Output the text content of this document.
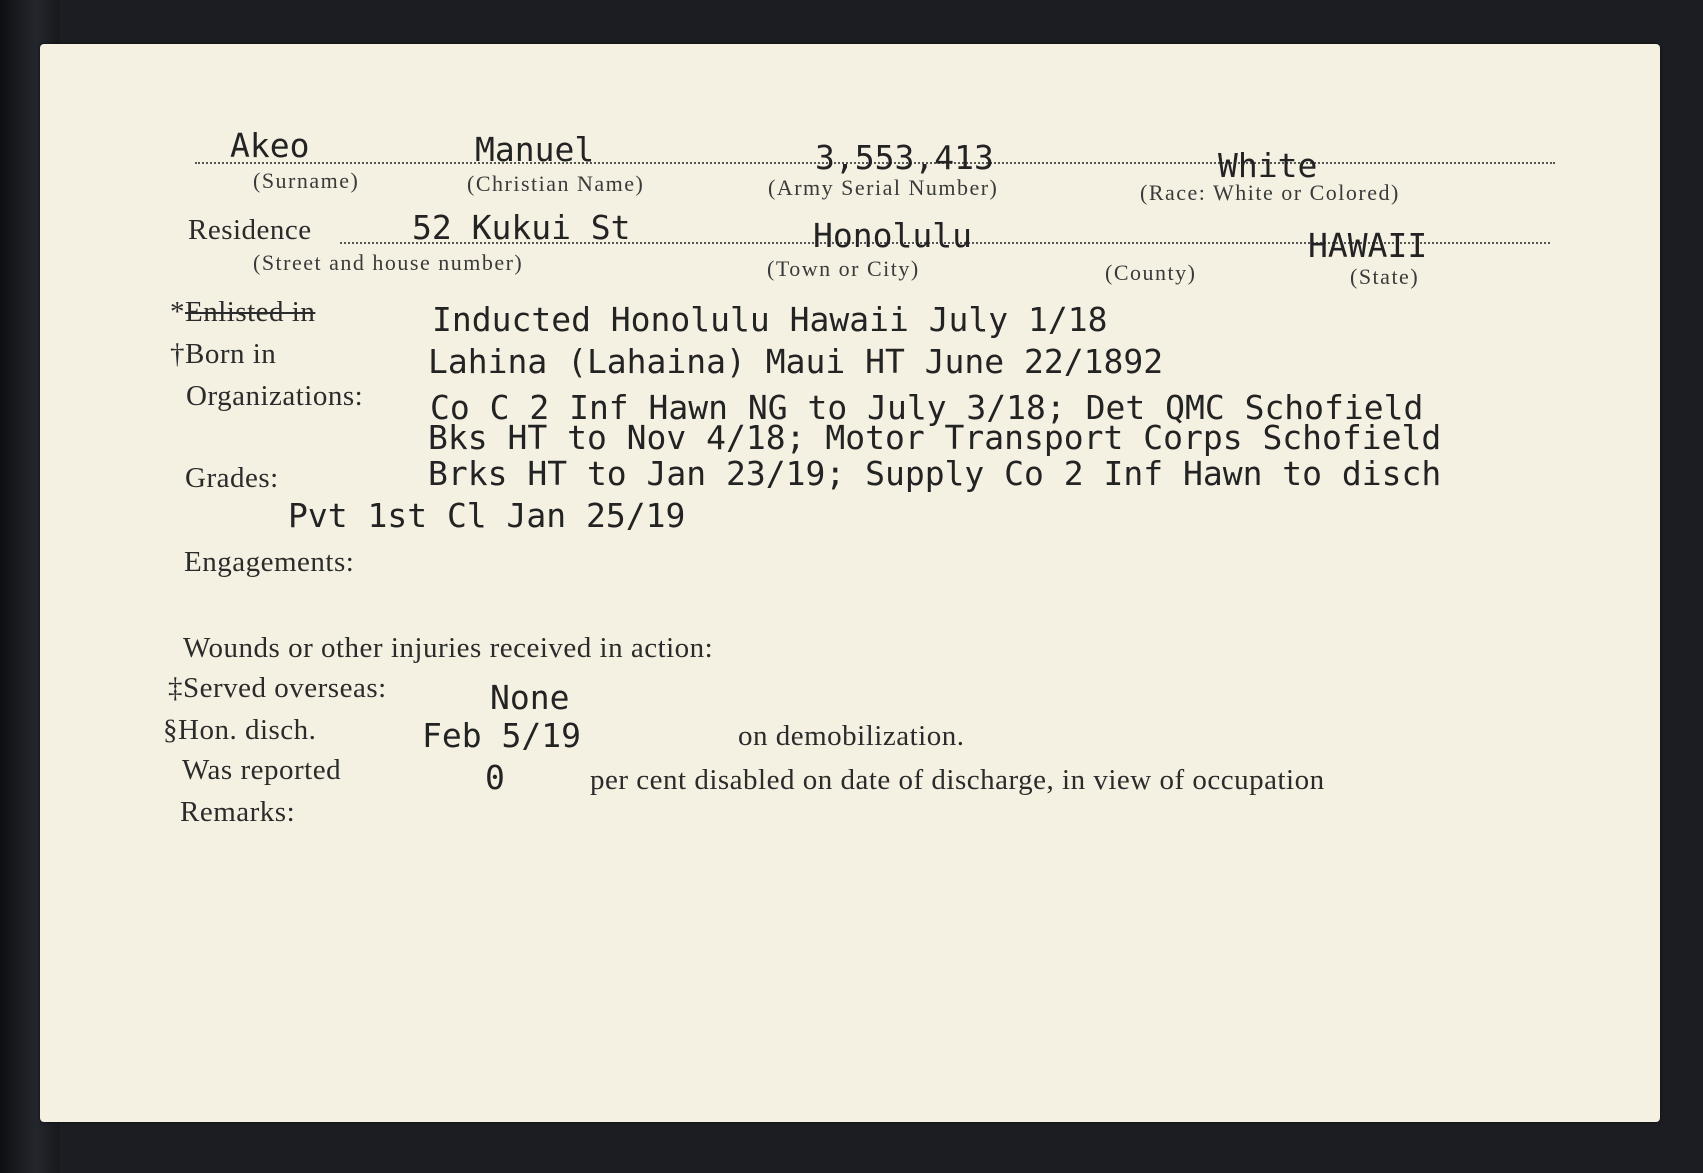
Akeo	Manuel	3,553,413	White
(Surname)	(Christian Name)	(Army Serial Number)	(Race: White or Colored)
Residence	52 Kukui St	Honolulu	HAWAII
(Street and house number)	(Town or City)	(County)	(State)
*Enlisted in	Inducted Honolulu Hawaii July 1/18
†Born in	Lahina (Lahaina) Maui HT June 22/1892
Organizations: Co C 2 Inf Hawn NG to July 3/18; Det QMC Schofield
Bks HT to Nov 4/18; Motor Transport Corps Schofield
Brks HT to Jan 23/19; Supply Co 2 Inf Hawn to disch
Grades:
Pvt 1st Cl Jan 25/19
Engagements:
Wounds or other injuries received in action:
‡Served overseas:	None
§Hon. disch.	Feb 5/19	on demobilization.
Was reported	0	per cent disabled on date of discharge, in view of occupation
Remarks:
